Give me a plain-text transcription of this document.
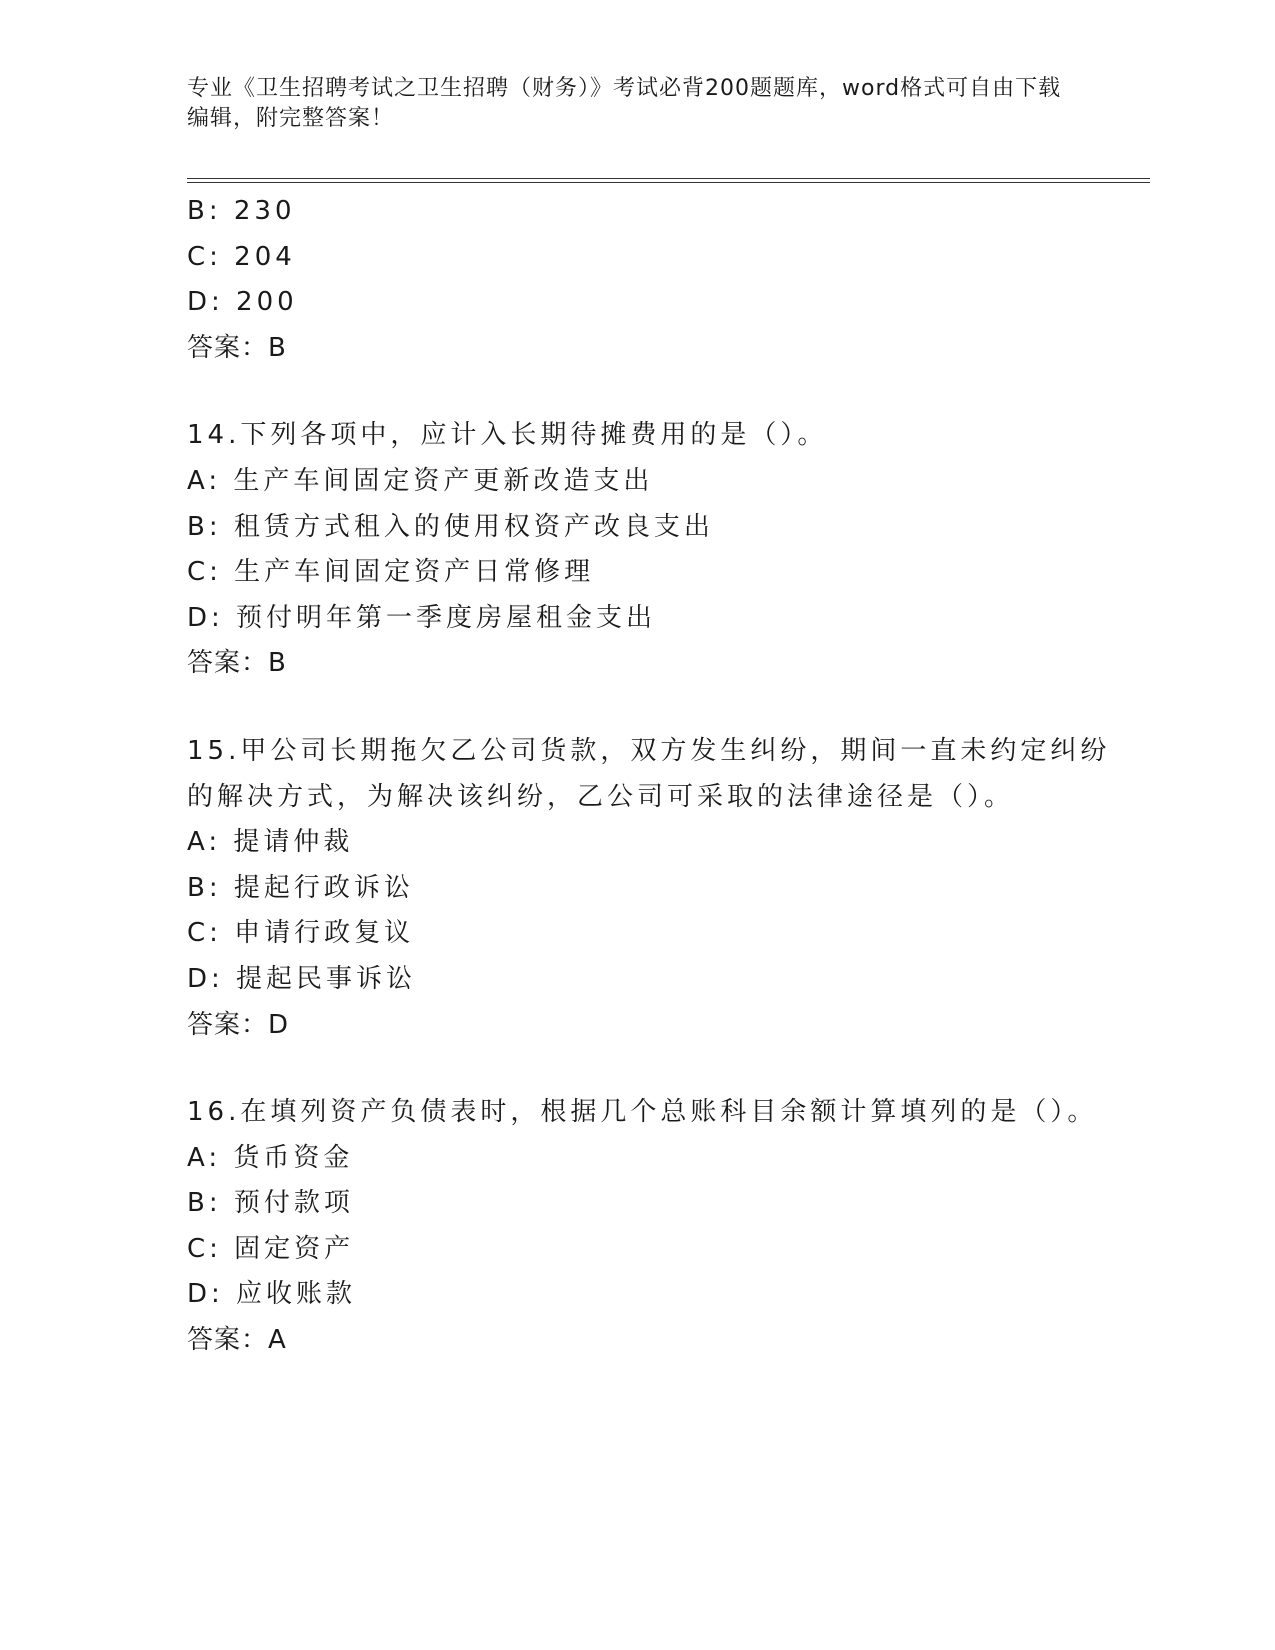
专业《卫生招聘考试之卫生招聘（财务）》考试必背200题题库，word格式可自由下载编辑，附完整答案！
B: 230
C: 204
D: 200
答案：B
14.下列各项中，应计入长期待摊费用的是（）。
A: 生产车间固定资产更新改造支出
B: 租赁方式租入的使用权资产改良支出
C: 生产车间固定资产日常修理
D: 预付明年第一季度房屋租金支出
答案：B
15.甲公司长期拖欠乙公司货款，双方发生纠纷，期间一直未约定纠纷
的解决方式，为解决该纠纷，乙公司可采取的法律途径是（）。
A: 提请仲裁
B: 提起行政诉讼
C: 申请行政复议
D: 提起民事诉讼
答案：D
16.在填列资产负债表时，根据几个总账科目余额计算填列的是（）。
A: 货币资金
B: 预付款项
C: 固定资产
D: 应收账款
答案：A
